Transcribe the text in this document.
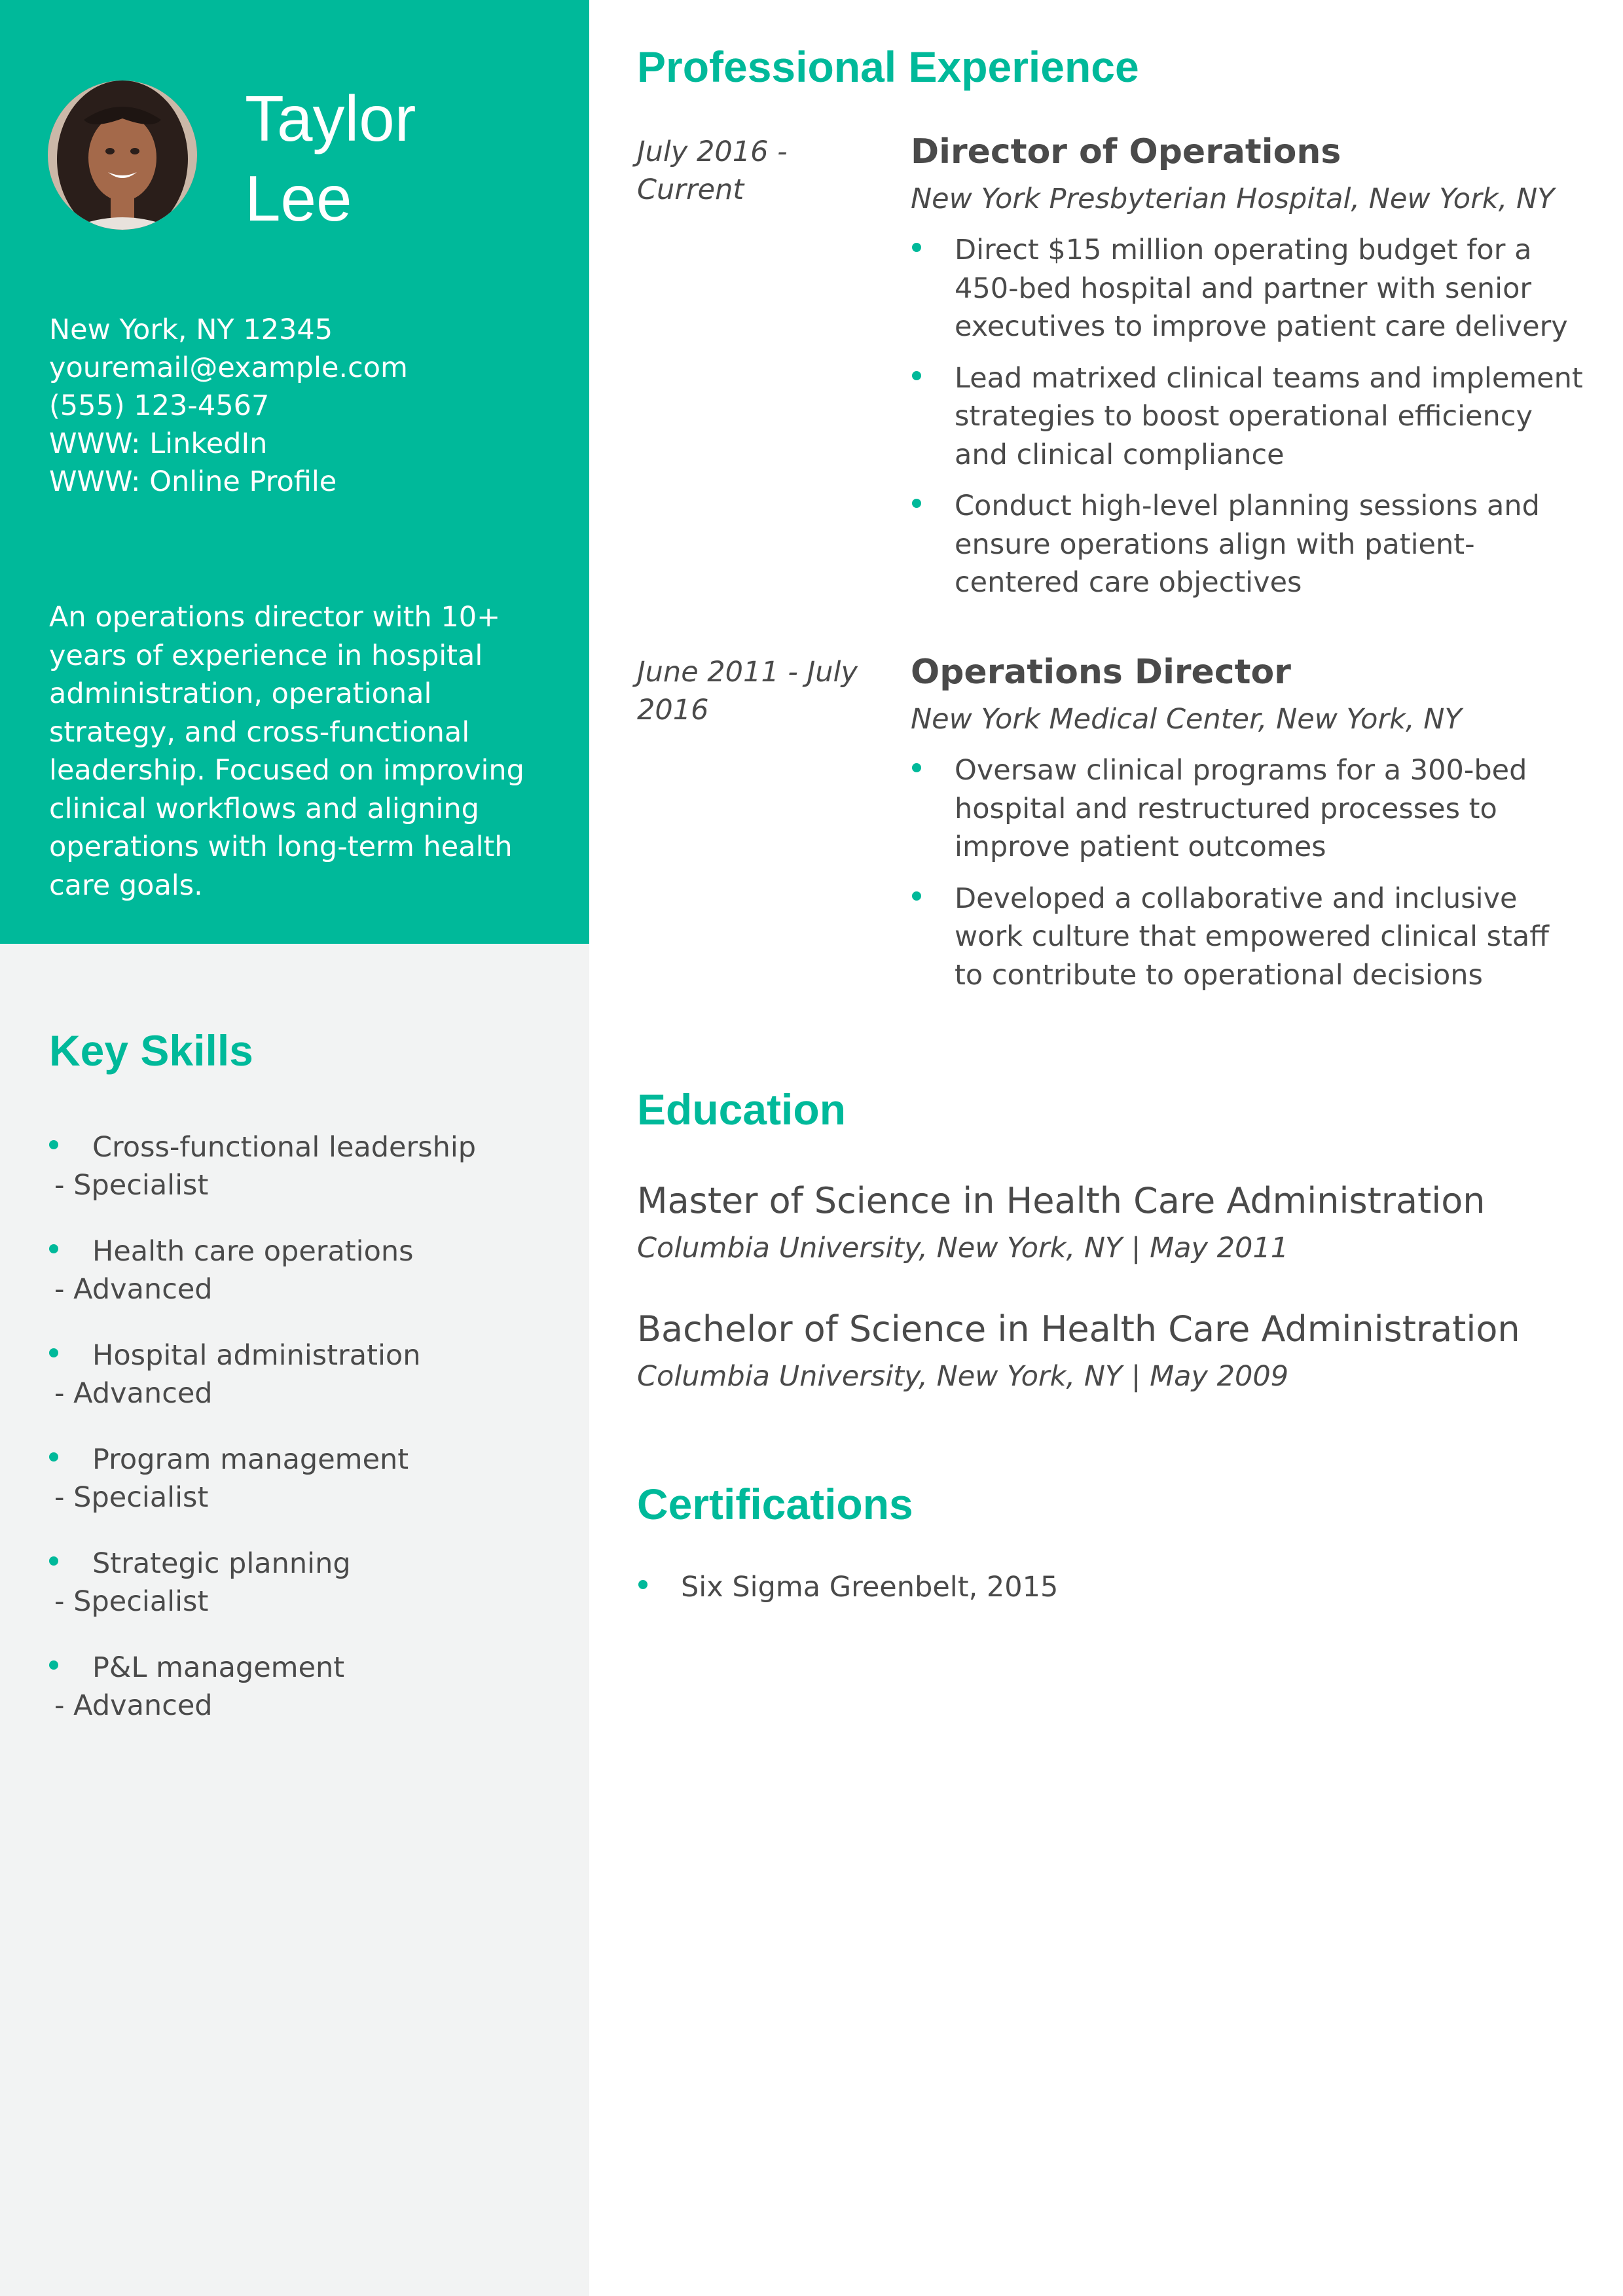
Taylor
Lee
New York, NY 12345
youremail@example.com
(555) 123-4567
WWW: LinkedIn
WWW: Online Profile

An operations director with 10+ years of experience in hospital administration, operational strategy, and cross-functional leadership. Focused on improving clinical workflows and aligning operations with long-term health care goals.

Key Skills
Cross-functional leadership
- Specialist
Health care operations
- Advanced
Hospital administration
- Advanced
Program management
- Specialist
Strategic planning
- Specialist
P&L management
- Advanced
Professional Experience
July 2016 - Current
Director of Operations
New York Presbyterian Hospital, New York, NY
Direct $15 million operating budget for a 450-bed hospital and partner with senior executives to improve patient care delivery
Lead matrixed clinical teams and implement strategies to boost operational efficiency and clinical compliance
Conduct high-level planning sessions and ensure operations align with patient-centered care objectives
June 2011 - July 2016
Operations Director
New York Medical Center, New York, NY
Oversaw clinical programs for a 300-bed hospital and restructured processes to improve patient outcomes
Developed a collaborative and inclusive work culture that empowered clinical staff to contribute to operational decisions
Education
Master of Science in Health Care Administration
Columbia University, New York, NY | May 2011
Bachelor of Science in Health Care Administration
Columbia University, New York, NY | May 2009
Certifications
Six Sigma Greenbelt, 2015
